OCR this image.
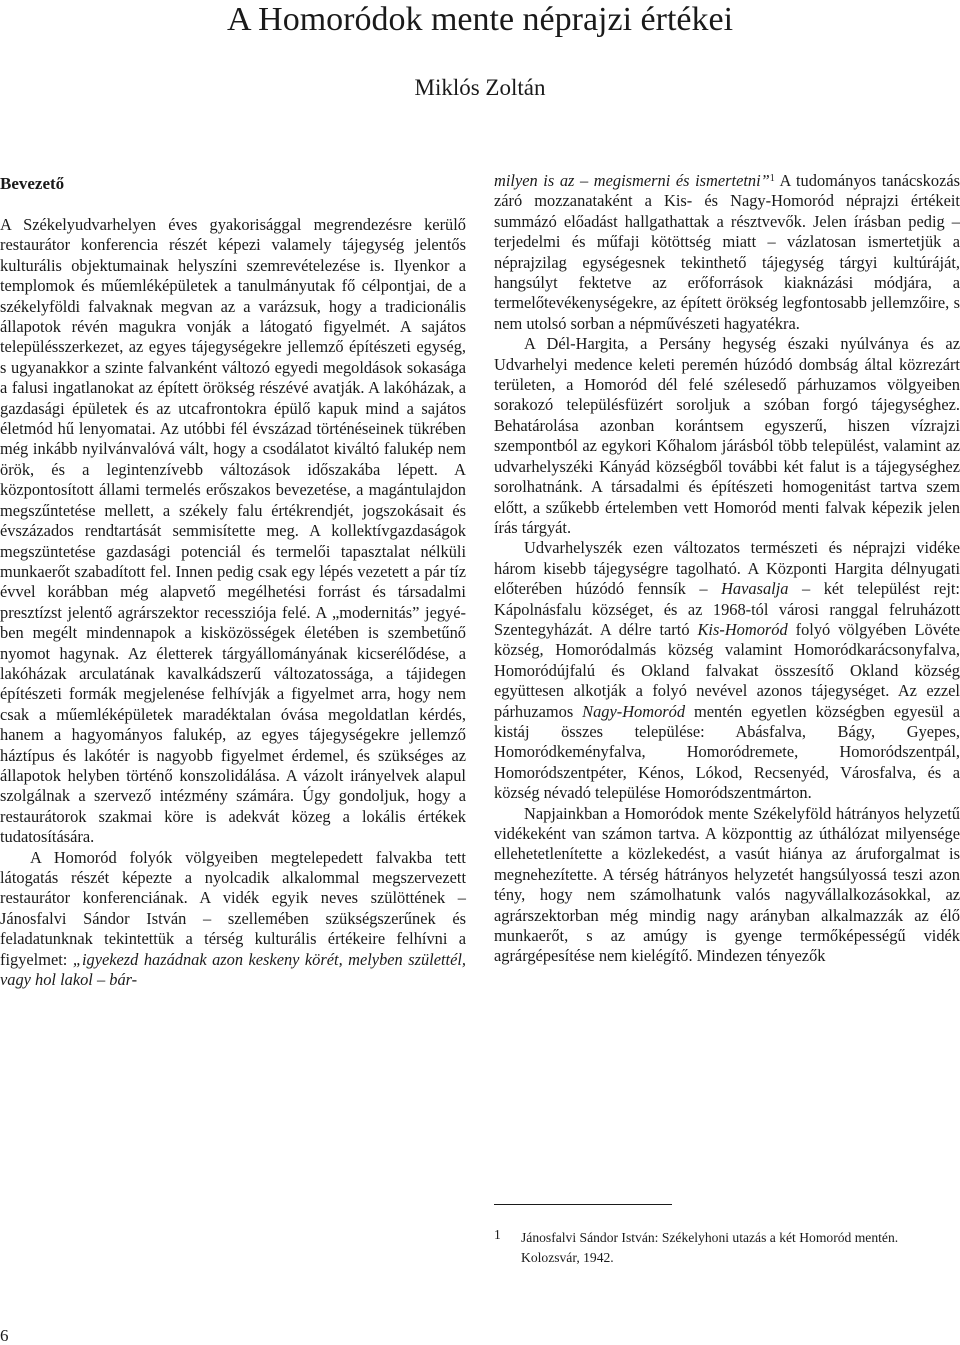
A Homoródok mente néprajzi értékei
Miklós Zoltán

Bevezető

A Székelyudvarhelyen éves gyakorisággal megrendezésre kerülő restaurátor konferencia részét képezi valamely tájegység jelentős kulturális objektumainak helyszíni szemrevételezése is. Ilyenkor a templomok és műemléképületek a tanulmányutak fő célpontjai, de a székelyföldi falvaknak megvan az a varázsuk, hogy a tradicionális állapotok révén magukra vonják a látogató figyelmét. A sajátos településszerkezet, az egyes tájegységekre jellemző építészeti egység, s ugyanakkor a szinte falvanként változó egyedi megoldások sokasága a falusi ingatlanokat az épített örökség részévé avatják. A lakóházak, a gazdasági épületek és az utcafrontokra épülő kapuk mind a sajátos életmód hű lenyomatai. Az utóbbi fél évszázad történéseinek tükrében még inkább nyilvánvalóvá vált, hogy a csodálatot kiváltó falukép nem örök, és a legintenzívebb változások időszakába lépett. A központosított állami termelés erőszakos bevezetése, a magántulajdon megszűntetése mellett, a székely falu értékrendjét, jogszokásait és évszázados rendtartását semmisítette meg. A kollektívgazdaságok megszüntetése gazdasági potenciál és termelői tapasztalat nélküli munkaerőt szabadított fel. Innen pedig csak egy lépés vezetett a pár tíz évvel korábban még alapvető megélhetési forrást és társadalmi presztízst jelentő agrárszektor recessziója felé. A „modernitás” jegyében megélt mindennapok a kisközösségek életében is szembetűnő nyomot hagynak. Az életterek tárgyállományának kicserélődése, a lakóházak arculatának kavalkádszerű változatossága, a tájidegen építészeti formák megjelenése felhívják a figyelmet arra, hogy nem csak a műemléképületek maradéktalan óvása megoldatlan kérdés, hanem a hagyományos falukép, az egyes tájegységekre jellemző háztípus és lakótér is nagyobb figyelmet érdemel, és szükséges az állapotok helyben történő konszolidálása. A vázolt irányelvek alapul szolgálnak a szervező intézmény számára. Úgy gondoljuk, hogy a restaurátorok szakmai köre is adekvát közeg a lokális értékek tudatosítására.

A Homoród folyók völgyeiben megtelepedett falvakba tett látogatás részét képezte a nyolcadik alkalommal megszervezett restaurátor konferenciának. A vidék egyik neves szülöttének – Jánosfalvi Sándor István – szellemében szükségszerűnek és feladatunknak tekintettük a térség kulturális értékeire felhívni a figyelmet: „igyekezd hazádnak azon keskeny körét, melyben születtél, vagy hol lakol – bár-

milyen is az – megismerni és ismertetni”$^1$ A tudományos tanácskozás záró mozzanataként a Kis- és Nagy-Homoród néprajzi értékeit summázó előadást hallgathattak a résztvevők. Jelen írásban pedig – terjedelmi és műfaji kötöttség miatt – vázlatosan ismertetjük a néprajzilag egységesnek tekinthető tájegység tárgyi kultúráját, hangsúlyt fektetve az erőforrások kiaknázási módjára, a termelőtevékenységekre, az épített örökség legfontosabb jellemzőire, s nem utolsó sorban a népművészeti hagyatékra.

A Dél-Hargita, a Persány hegység északi nyúlványa és az Udvarhelyi medence keleti peremén húzódó dombság által közrezárt területen, a Homoród dél felé szélesedő párhuzamos völgyeiben sorakozó településfüzért soroljuk a szóban forgó tájegységhez. Behatárolása azonban korántsem egyszerű, hiszen vízrajzi szempontból az egykori Kőhalom járásból több települést, valamint az udvarhelyszéki Kányád községből további két falut is a tájegységhez sorolhatnánk. A társadalmi és építészeti homogenitást tartva szem előtt, a szűkebb értelemben vett Homoród menti falvak képezik jelen írás tárgyát.

Udvarhelyszék ezen változatos természeti és néprajzi vidéke három kisebb tájegységre tagolható. A Központi Hargita délnyugati előterében húzódó fennsík – Havasalja – két települést rejt: Kápolnásfalu községet, és az 1968-tól városi ranggal felruházott Szentegyházát. A délre tartó Kis-Homoród folyó völgyében Lövéte község, Homoródalmás község valamint Homoródkarácsonyfalva, Homoródújfalú és Okland falvakat összesítő Okland község együttesen alkotják a folyó nevével azonos tájegységet. Az ezzel párhuzamos Nagy-Homoród mentén egyetlen községben egyesül a kistáj összes települése: Abásfalva, Bágy, Gyepes, Homoródkeményfalva, Homoródremete, Homoródszentpál, Homoródszentpéter, Kénos, Lókod, Recsenyéd, Városfalva, és a község névadó települése Homoródszentmárton.

Napjainkban a Homoródok mente Székelyföld hátrányos helyzetű vidékeként van számon tartva. A központtig az úthálózat milyensége ellehetetlenítette a közlekedést, a vasút hiánya az áruforgalmat is megnehezítette. A térség hátrányos helyzetét hangsúlyossá teszi azon tény, hogy nem számolhatunk valós nagyvállalkozásokkal, az agrárszektorban még mindig nagy arányban alkalmazzák az élő munkaerőt, s az amúgy is gyenge termőképességű vidék agrárgépesítése nem kielégítő. Mindezen tényezők

1 Jánosfalvi Sándor István: Székelyhoni utazás a két Homoród mentén. Kolozsvár, 1942.
6
